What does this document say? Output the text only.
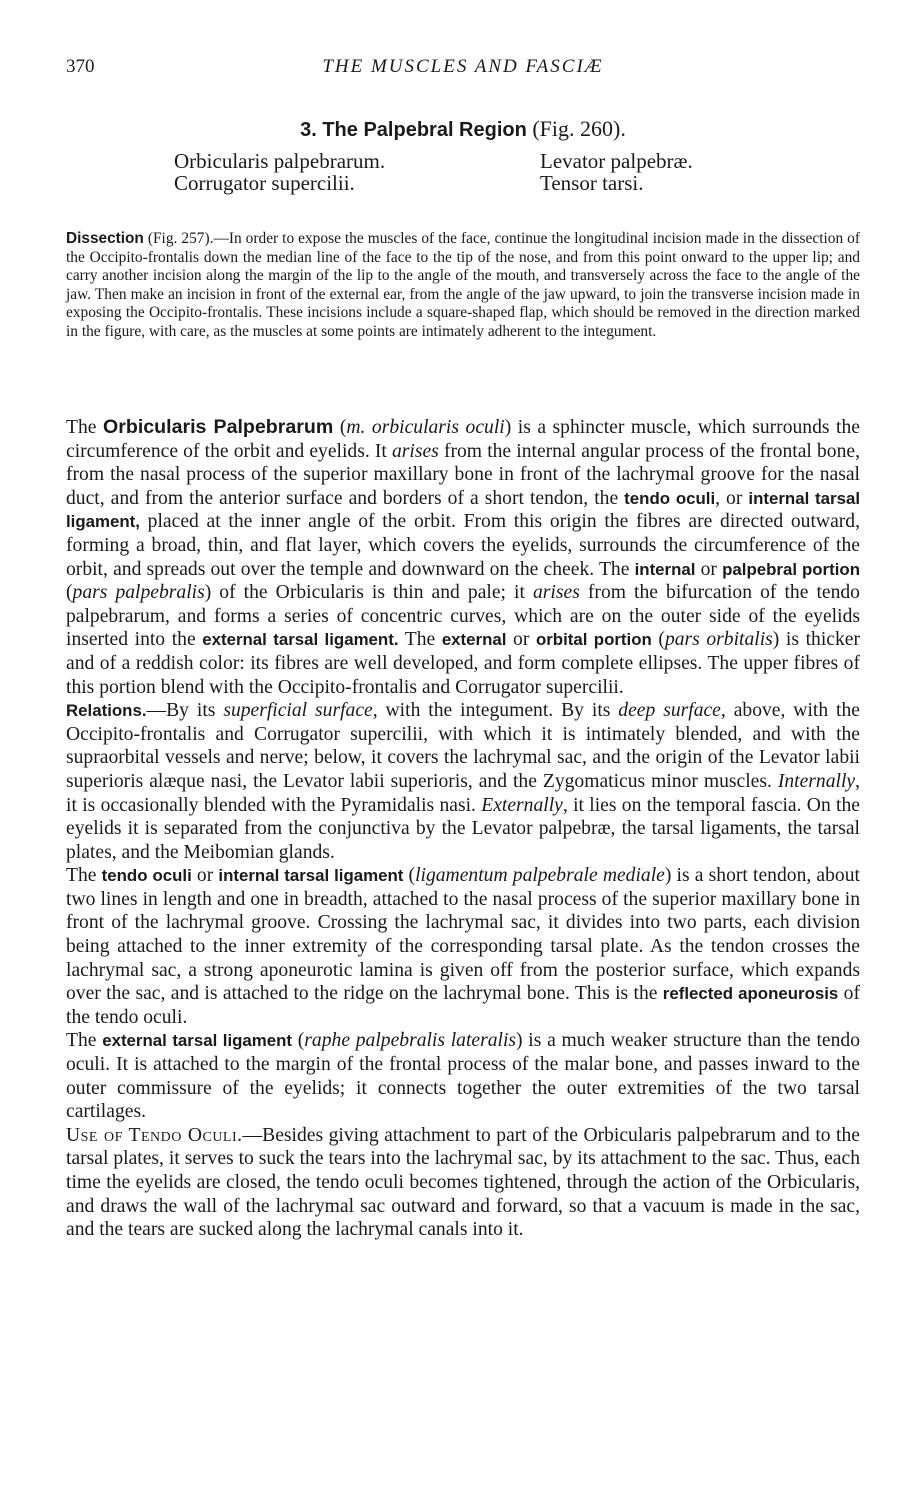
370	THE MUSCLES AND FASCIÆ
3. The Palpebral Region (Fig. 260).
Orbicularis palpebrarum.
Corrugator supercilii.
Levator palpebræ.
Tensor tarsi.
Dissection (Fig. 257).—In order to expose the muscles of the face, continue the longitudinal incision made in the dissection of the Occipito-frontalis down the median line of the face to the tip of the nose, and from this point onward to the upper lip; and carry another incision along the margin of the lip to the angle of the mouth, and transversely across the face to the angle of the jaw. Then make an incision in front of the external ear, from the angle of the jaw upward, to join the transverse incision made in exposing the Occipito-frontalis. These incisions include a square-shaped flap, which should be removed in the direction marked in the figure, with care, as the muscles at some points are intimately adherent to the integument.

The Orbicularis Palpebrarum (m. orbicularis oculi) is a sphincter muscle, which surrounds the circumference of the orbit and eyelids. It arises from the internal angular process of the frontal bone, from the nasal process of the superior maxillary bone in front of the lachrymal groove for the nasal duct, and from the anterior surface and borders of a short tendon, the tendo oculi, or internal tarsal ligament, placed at the inner angle of the orbit. From this origin the fibres are directed outward, forming a broad, thin, and flat layer, which covers the eyelids, surrounds the circumference of the orbit, and spreads out over the temple and downward on the cheek. The internal or palpebral portion (pars palpebralis) of the Orbicularis is thin and pale; it arises from the bifurcation of the tendo palpebrarum, and forms a series of concentric curves, which are on the outer side of the eyelids inserted into the external tarsal ligament. The external or orbital portion (pars orbitalis) is thicker and of a reddish color: its fibres are well developed, and form complete ellipses. The upper fibres of this portion blend with the Occipito-frontalis and Corrugator supercilii.

Relations.—By its superficial surface, with the integument. By its deep surface, above, with the Occipito-frontalis and Corrugator supercilii, with which it is intimately blended, and with the supraorbital vessels and nerve; below, it covers the lachrymal sac, and the origin of the Levator labii superioris alæque nasi, the Levator labii superioris, and the Zygomaticus minor muscles. Internally, it is occasionally blended with the Pyramidalis nasi. Externally, it lies on the temporal fascia. On the eyelids it is separated from the conjunctiva by the Levator palpebræ, the tarsal ligaments, the tarsal plates, and the Meibomian glands.

The tendo oculi or internal tarsal ligament (ligamentum palpebrale mediale) is a short tendon, about two lines in length and one in breadth, attached to the nasal process of the superior maxillary bone in front of the lachrymal groove. Crossing the lachrymal sac, it divides into two parts, each division being attached to the inner extremity of the corresponding tarsal plate. As the tendon crosses the lachrymal sac, a strong aponeurotic lamina is given off from the posterior surface, which expands over the sac, and is attached to the ridge on the lachrymal bone. This is the reflected aponeurosis of the tendo oculi.

The external tarsal ligament (raphe palpebralis lateralis) is a much weaker structure than the tendo oculi. It is attached to the margin of the frontal process of the malar bone, and passes inward to the outer commissure of the eyelids; it connects together the outer extremities of the two tarsal cartilages.

Use of Tendo Oculi.—Besides giving attachment to part of the Orbicularis palpebrarum and to the tarsal plates, it serves to suck the tears into the lachrymal sac, by its attachment to the sac. Thus, each time the eyelids are closed, the tendo oculi becomes tightened, through the action of the Orbicularis, and draws the wall of the lachrymal sac outward and forward, so that a vacuum is made in the sac, and the tears are sucked along the lachrymal canals into it.
